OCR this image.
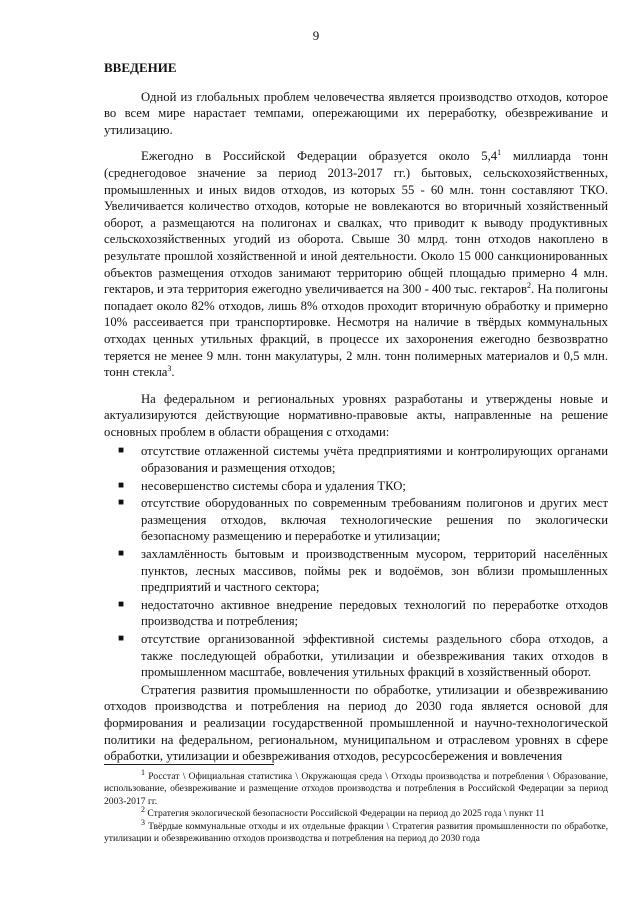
9
ВВЕДЕНИЕ

Одной из глобальных проблем человечества является производство отходов, которое во всем мире нарастает темпами, опережающими их переработку, обезвреживание и утилизацию.

Ежегодно в Российской Федерации образуется около $5,4^1$ миллиарда тонн (среднегодовое значение за период 2013-2017 гг.) бытовых, сельскохозяйственных, промышленных и иных видов отходов, из которых 55 - 60 млн. тонн составляют ТКО. Увеличивается количество отходов, которые не вовлекаются во вторичный хозяйственный оборот, а размещаются на полигонах и свалках, что приводит к выводу продуктивных сельскохозяйственных угодий из оборота. Свыше 30 млрд. тонн отходов накоплено в результате прошлой хозяйственной и иной деятельности. Около 15 000 санкционированных объектов размещения отходов занимают территорию общей площадью примерно 4 млн. гектаров, и эта территория ежегодно увеличивается на 300 - 400 тыс. гектаров$^2$. На полигоны попадает около 82% отходов, лишь 8% отходов проходит вторичную обработку и примерно 10% рассеивается при транспортировке. Несмотря на наличие в твёрдых коммунальных отходах ценных утильных фракций, в процессе их захоронения ежегодно безвозвратно теряется не менее 9 млн. тонн макулатуры, 2 млн. тонн полимерных материалов и 0,5 млн. тонн стекла$^3$.

На федеральном и региональных уровнях разработаны и утверждены новые и актуализируются действующие нормативно-правовые акты, направленные на решение основных проблем в области обращения с отходами:

■ отсутствие отлаженной системы учёта предприятиями и контролирующих органами образования и размещения отходов;
■ несовершенство системы сбора и удаления ТКО;
■ отсутствие оборудованных по современным требованиям полигонов и других мест размещения отходов, включая технологические решения по экологически безопасному размещению и переработке и утилизации;
■ захламлённость бытовым и производственным мусором, территорий населённых пунктов, лесных массивов, поймы рек и водоёмов, зон вблизи промышленных предприятий и частного сектора;
■ недостаточно активное внедрение передовых технологий по переработке отходов производства и потребления;
■ отсутствие организованной эффективной системы раздельного сбора отходов, а также последующей обработки, утилизации и обезвреживания таких отходов в промышленном масштабе, вовлечения утильных фракций в хозяйственный оборот.

Стратегия развития промышленности по обработке, утилизации и обезвреживанию отходов производства и потребления на период до 2030 года является основой для формирования и реализации государственной промышленной и научно-технологической политики на федеральном, региональном, муниципальном и отраслевом уровнях в сфере обработки, утилизации и обезвреживания отходов, ресурсосбережения и вовлечения

$^1$ Росстат \ Официальная статистика \ Окружающая среда \ Отходы производства и потребления \ Образование, использование, обезвреживание и размещение отходов производства и потребления в Российской Федерации за период 2003-2017 гг.

$^2$ Стратегия экологической безопасности Российской Федерации на период до 2025 года \ пункт 11

$^3$ Твёрдые коммунальные отходы и их отдельные фракции \ Стратегия развития промышленности по обработке, утилизации и обезвреживанию отходов производства и потребления на период до 2030 года
